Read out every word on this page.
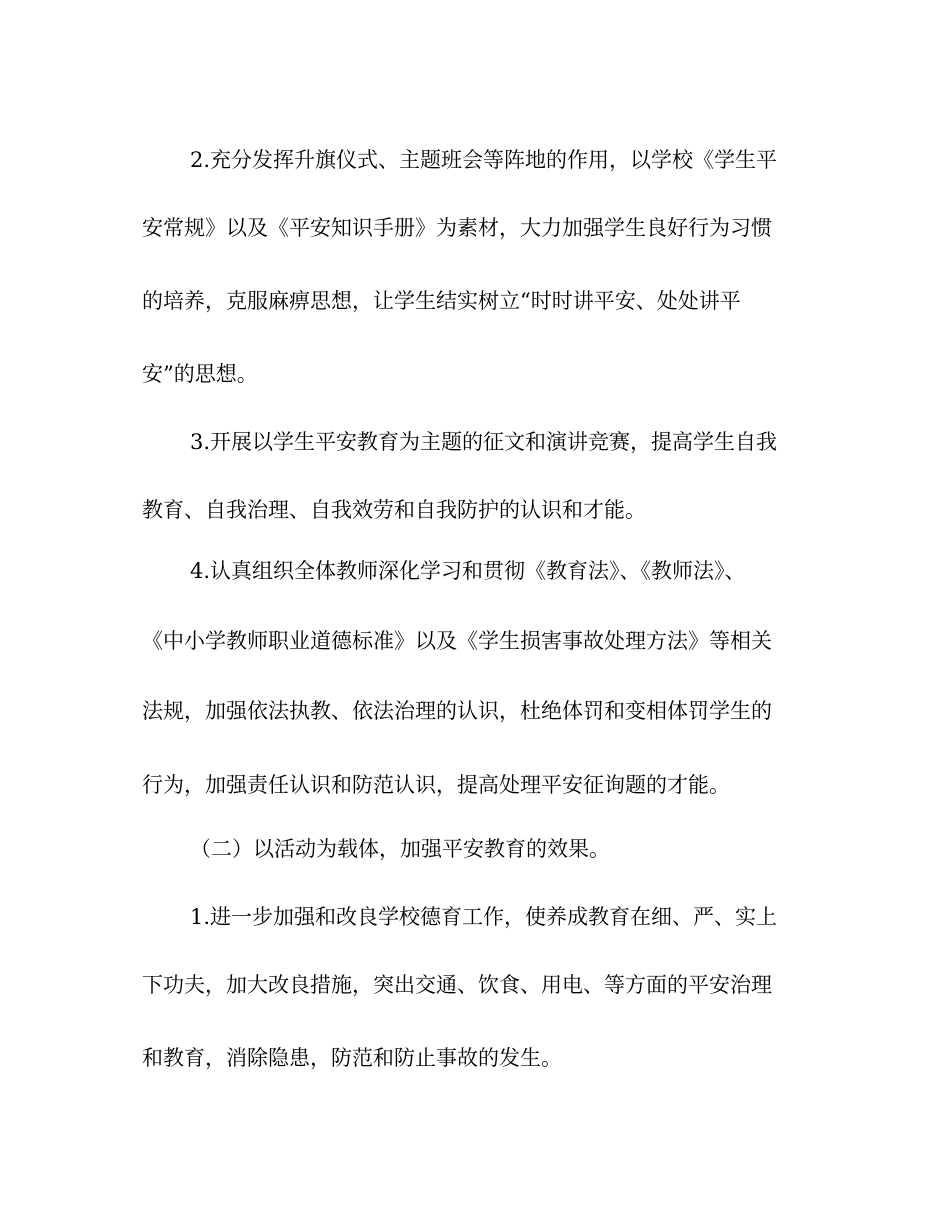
2.充分发挥升旗仪式、主题班会等阵地的作用，以学校《学生平
安常规》以及《平安知识手册》为素材，大力加强学生良好行为习惯
的培养，克服麻痹思想，让学生结实树立“时时讲平安、处处讲平
安”的思想。
3.开展以学生平安教育为主题的征文和演讲竞赛，提高学生自我
教育、自我治理、自我效劳和自我防护的认识和才能。
4.认真组织全体教师深化学习和贯彻《教育法》、《教师法》、
《中小学教师职业道德标准》以及《学生损害事故处理方法》等相关
法规，加强依法执教、依法治理的认识，杜绝体罚和变相体罚学生的
行为，加强责任认识和防范认识，提高处理平安征询题的才能。
（二）以活动为载体，加强平安教育的效果。
1.进一步加强和改良学校德育工作，使养成教育在细、严、实上
下功夫，加大改良措施，突出交通、饮食、用电、等方面的平安治理
和教育，消除隐患，防范和防止事故的发生。
